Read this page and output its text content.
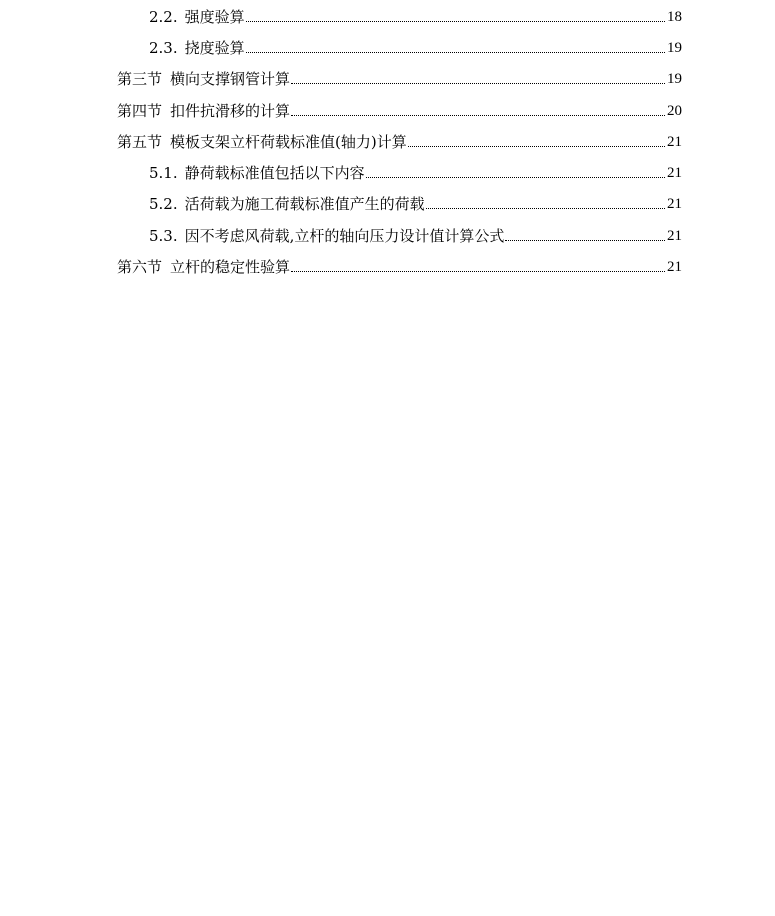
2.2. 强度验算	18
2.3. 挠度验算	19
第三节 横向支撑钢管计算	19
第四节 扣件抗滑移的计算	20
第五节 模板支架立杆荷载标准值(轴力)计算	21
5.1. 静荷载标准值包括以下内容	21
5.2. 活荷载为施工荷载标准值产生的荷载	21
5.3. 因不考虑风荷载,立杆的轴向压力设计值计算公式	21
第六节 立杆的稳定性验算	21
